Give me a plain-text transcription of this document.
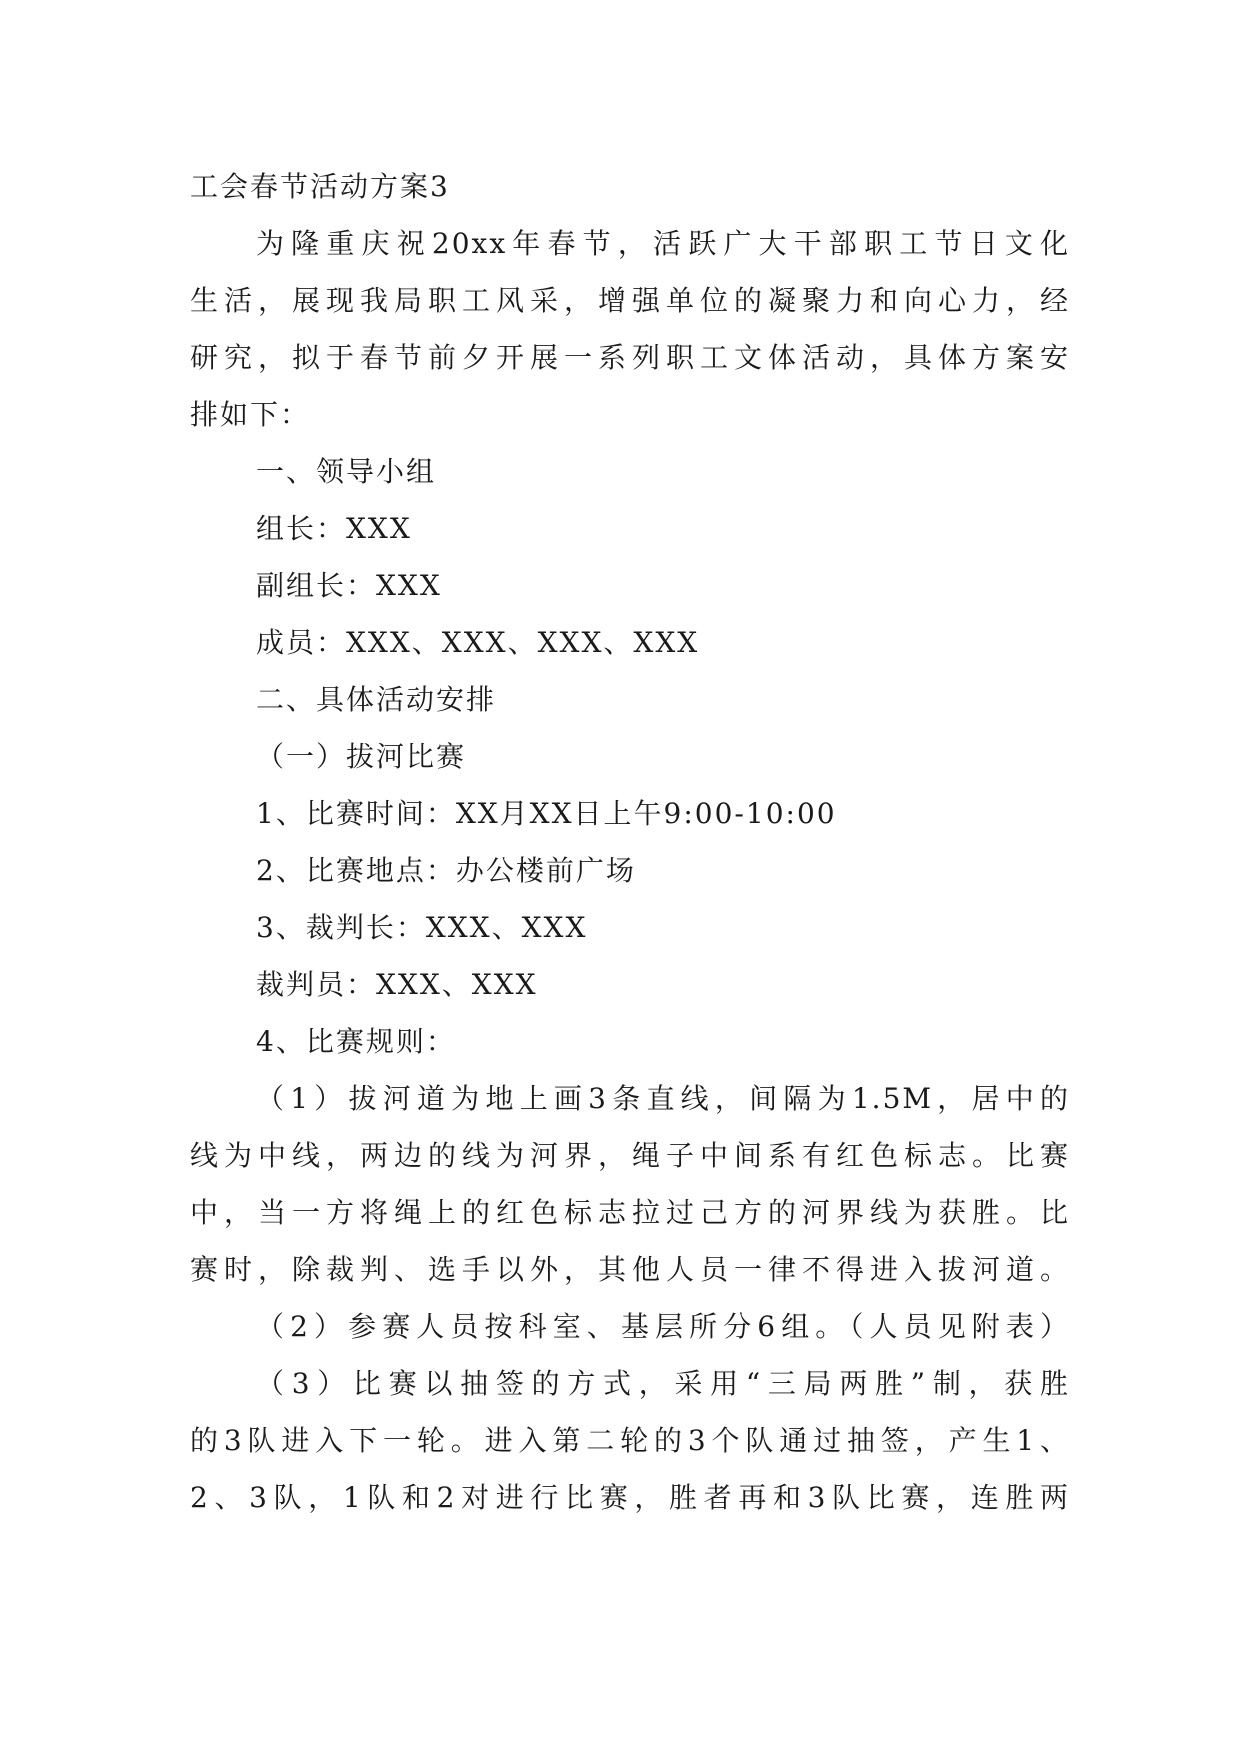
工会春节活动方案3
为隆重庆祝20xx年春节，活跃广大干部职工节日文化
生活，展现我局职工风采，增强单位的凝聚力和向心力，经
研究，拟于春节前夕开展一系列职工文体活动，具体方案安
排如下：
一、领导小组
组长：XXX
副组长：XXX
成员：XXX、XXX、XXX、XXX
二、具体活动安排
（一）拔河比赛
1、比赛时间：XX月XX日上午9:00-10:00
2、比赛地点：办公楼前广场
3、裁判长：XXX、XXX
裁判员：XXX、XXX
4、比赛规则：
（1）拔河道为地上画3条直线，间隔为1.5M，居中的
线为中线，两边的线为河界，绳子中间系有红色标志。比赛
中，当一方将绳上的红色标志拉过己方的河界线为获胜。比
赛时，除裁判、选手以外，其他人员一律不得进入拔河道。
（2）参赛人员按科室、基层所分6组。（人员见附表）
（3）比赛以抽签的方式，采用“三局两胜”制，获胜
的3队进入下一轮。进入第二轮的3个队通过抽签，产生1、
2、3队，1队和2对进行比赛，胜者再和3队比赛，连胜两
